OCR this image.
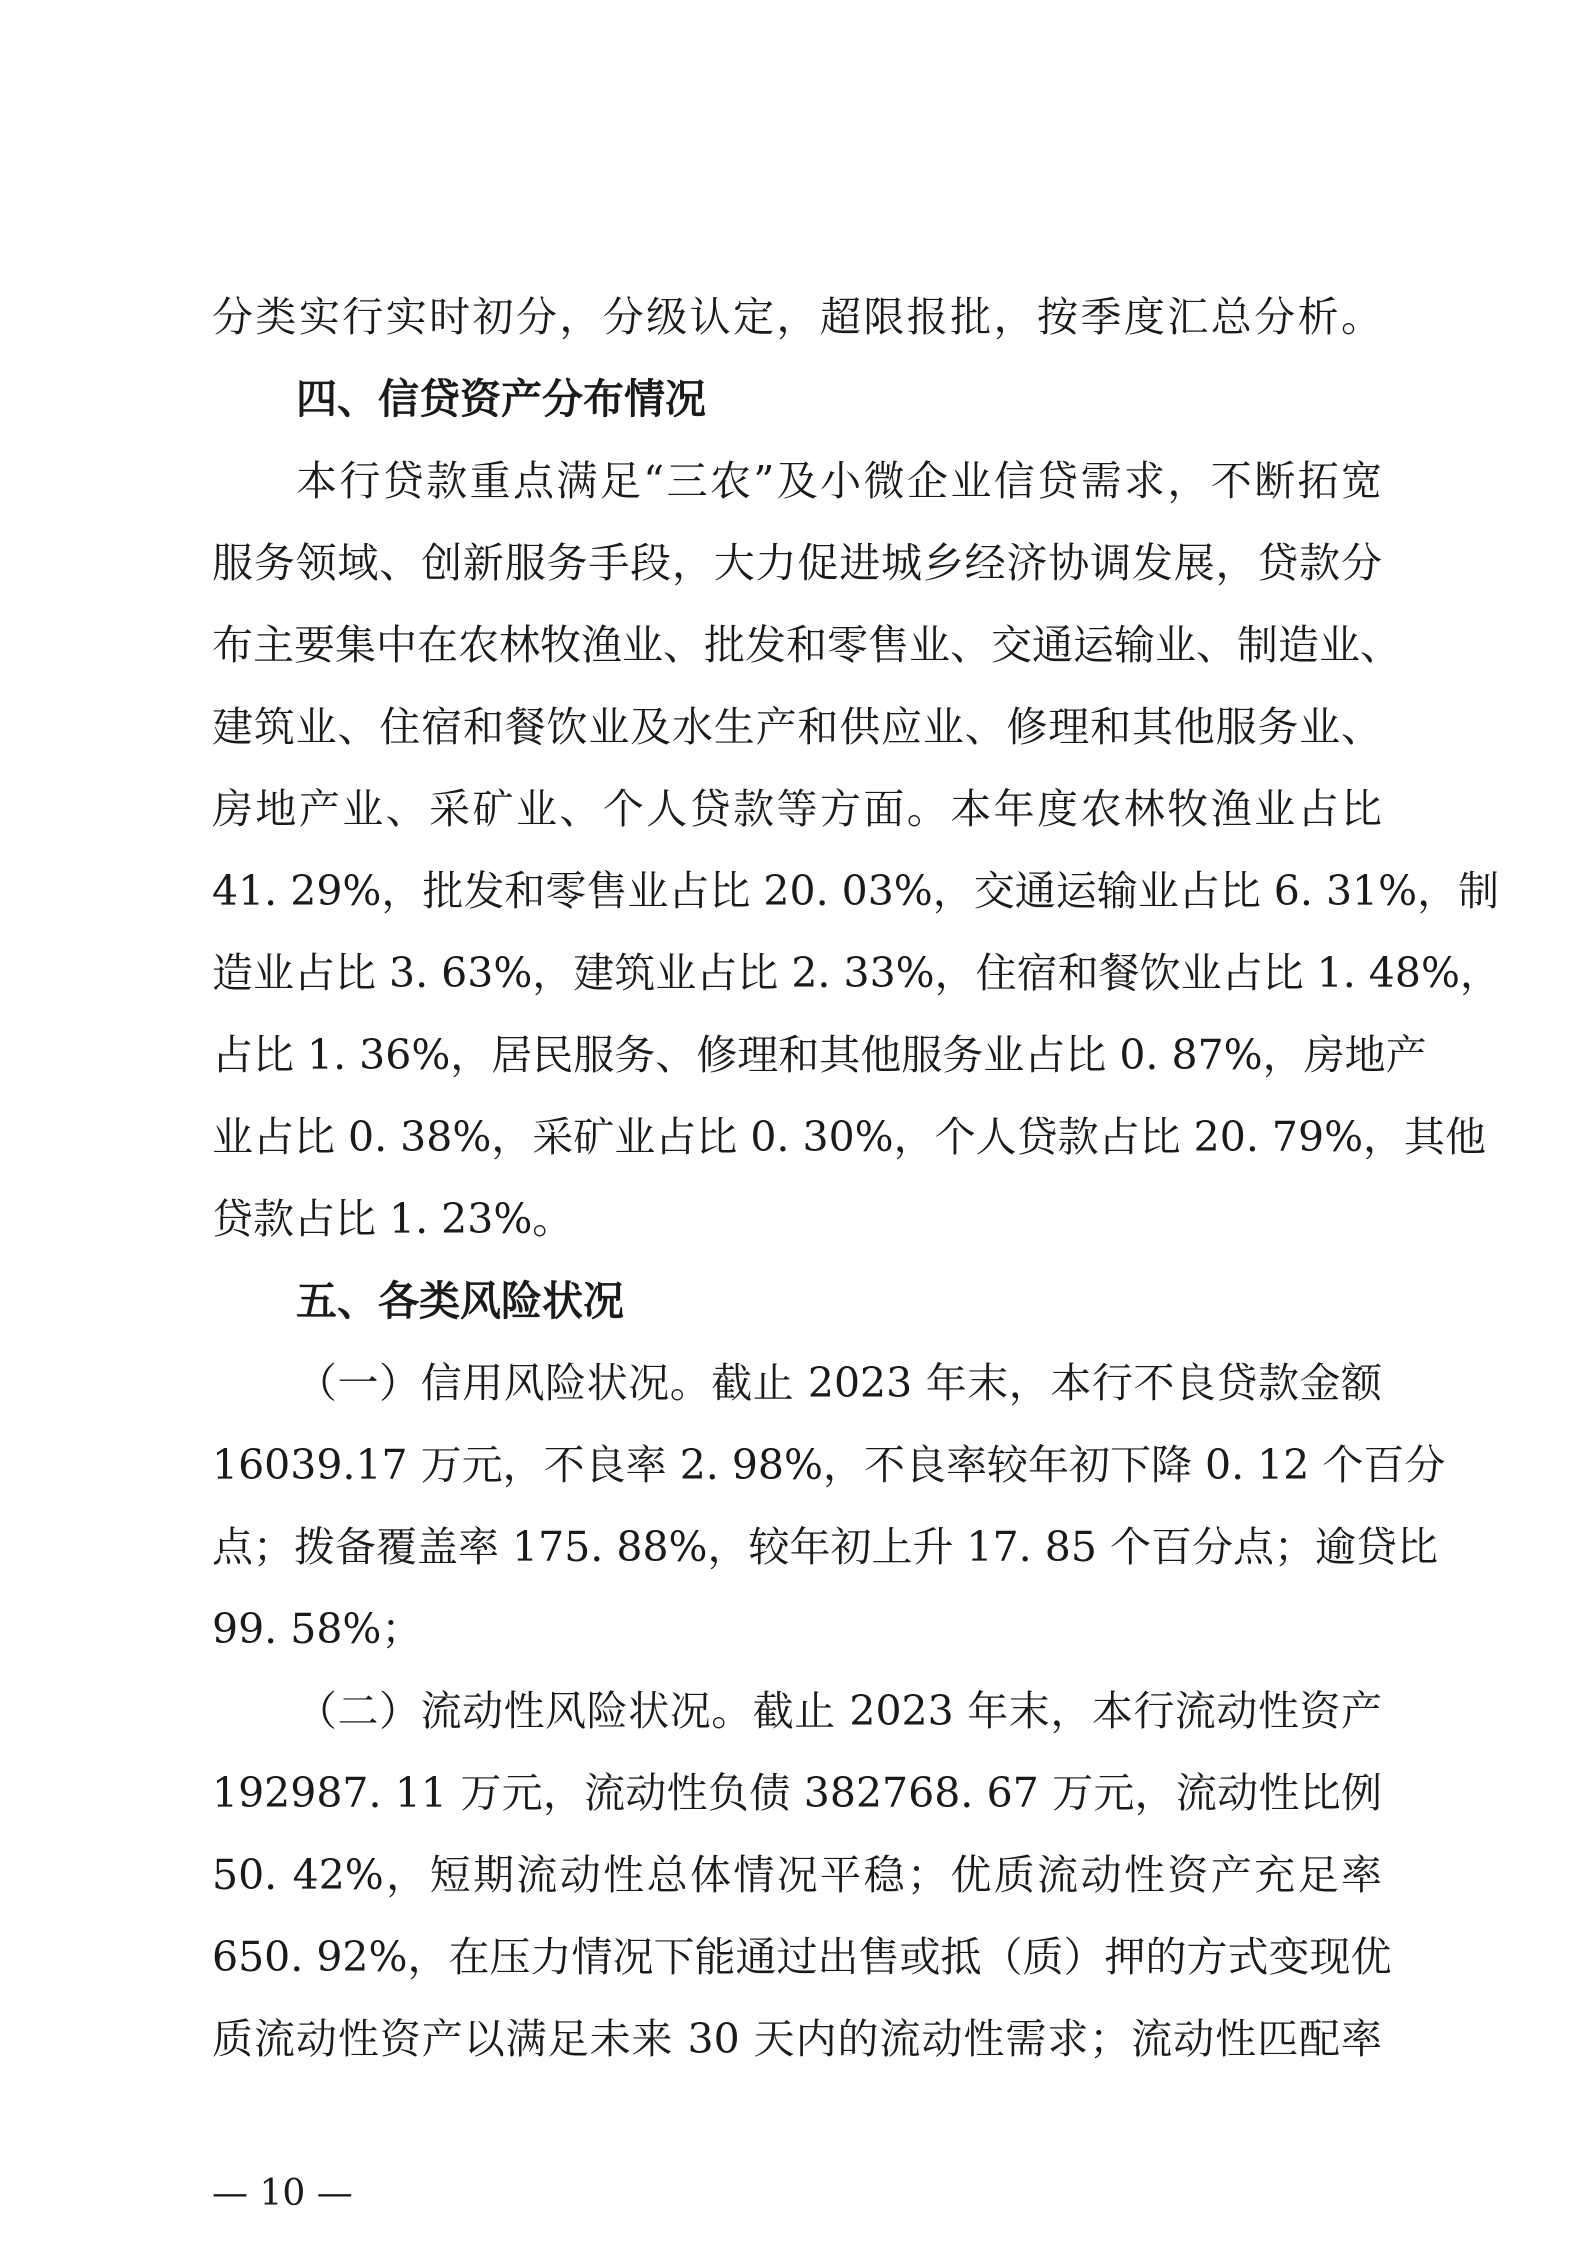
分类实行实时初分，分级认定，超限报批，按季度汇总分析。
四、信贷资产分布情况
本行贷款重点满足“三农”及小微企业信贷需求，不断拓宽
服务领域、创新服务手段，大力促进城乡经济协调发展，贷款分
布主要集中在农林牧渔业、批发和零售业、交通运输业、制造业、
建筑业、住宿和餐饮业及水生产和供应业、修理和其他服务业、
房地产业、采矿业、个人贷款等方面。本年度农林牧渔业占比
41. 29%，批发和零售业占比 20. 03%，交通运输业占比 6. 31%，制
造业占比 3. 63%，建筑业占比 2. 33%，住宿和餐饮业占比 1. 48%，
占比 1. 36%，居民服务、修理和其他服务业占比 0. 87%，房地产
业占比 0. 38%，采矿业占比 0. 30%，个人贷款占比 20. 79%，其他
贷款占比 1. 23%。
五、各类风险状况
（一）信用风险状况。截止 2023 年末，本行不良贷款金额
16039.17 万元，不良率 2. 98%，不良率较年初下降 0. 12 个百分
点；拨备覆盖率 175. 88%，较年初上升 17. 85 个百分点；逾贷比
99. 58%；
（二）流动性风险状况。截止 2023 年末，本行流动性资产
192987. 11 万元，流动性负债 382768. 67 万元，流动性比例
50. 42%，短期流动性总体情况平稳；优质流动性资产充足率
650. 92%，在压力情况下能通过出售或抵（质）押的方式变现优
质流动性资产以满足未来 30 天内的流动性需求；流动性匹配率
— 10 —
